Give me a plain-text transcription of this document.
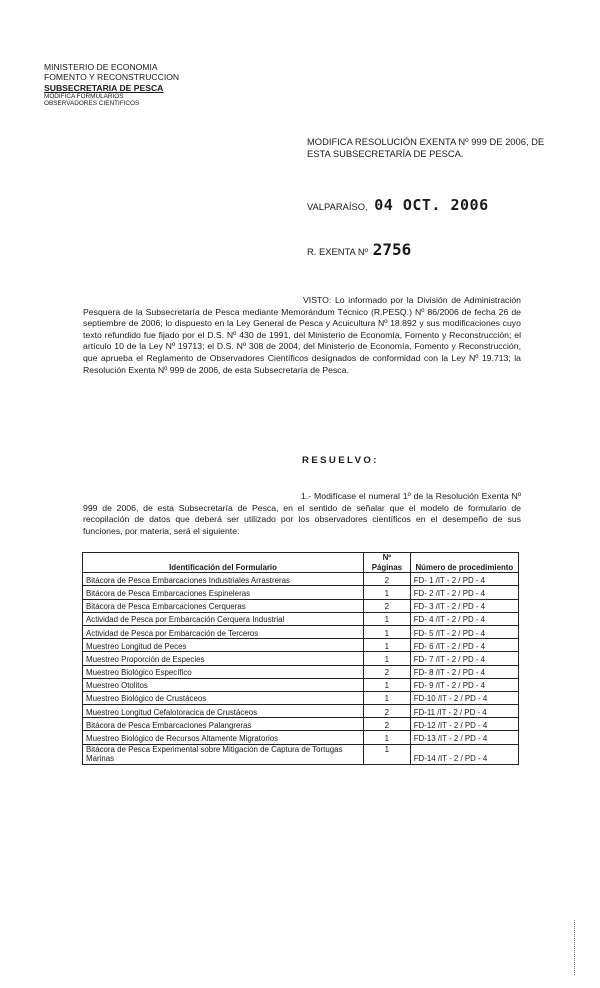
MINISTERIO DE ECONOMIA
FOMENTO Y RECONSTRUCCION
SUBSECRETARIA DE PESCA
MODIFICA FORMULARIOS
OBSERVADORES CIENTIFICOS
MODIFICA RESOLUCIÓN EXENTA Nº 999 DE 2006, DE ESTA SUBSECRETARÍA DE PESCA.
VALPARAÍSO, 04 OCT. 2006
R. EXENTA Nº 2756
VISTO: Lo informado por la División de Administración Pesquera de la Subsecretaría de Pesca mediante Memorándum Técnico (R.PESQ.) Nº 86/2006 de fecha 26 de septiembre de 2006; lo dispuesto en la Ley General de Pesca y Acuicultura Nº 18.892 y sus modificaciones cuyo texto refundido fue fijado por el D.S. Nº 430 de 1991, del Ministerio de Economía, Fomento y Reconstrucción; el artículo 10 de la Ley Nº 19713; el D.S. Nº 308 de 2004, del Ministerio de Economía, Fomento y Reconstrucción, que aprueba el Reglamento de Observadores Científicos designados de conformidad con la Ley Nº 19.713; la Resolución Exenta Nº 999 de 2006, de esta Subsecretaría de Pesca.
RESUELVO:
1.- Modifícase el numeral 1º de la Resolución Exenta Nº 999 de 2006, de esta Subsecretaría de Pesca, en el sentido de señalar que el modelo de formulario de recopilación de datos que deberá ser utilizado por los observadores científicos en el desempeño de sus funciones, por materia, será el siguiente:
Identificación del Formulario	Nº Páginas	Número de procedimiento
Bitácora de Pesca Embarcaciones Industriales Arrastreras	2	FD- 1 /IT - 2 / PD - 4
Bitácora de Pesca Embarcaciones Espineleras	1	FD- 2 /IT - 2 / PD - 4
Bitácora de Pesca Embarcaciones Cerqueras	2	FD- 3 /IT - 2 / PD - 4
Actividad de Pesca por Embarcación Cerquera Industrial	1	FD- 4 /IT - 2 / PD - 4
Actividad de Pesca por Embarcación de Terceros	1	FD- 5 /IT - 2 / PD - 4
Muestreo Longitud de Peces	1	FD- 6 /IT - 2 / PD - 4
Muestreo Proporción de Especies	1	FD- 7 /IT - 2 / PD - 4
Muestreo Biológico Específico	2	FD- 8 /IT - 2 / PD - 4
Muestreo Otolitos	1	FD- 9 /IT - 2 / PD - 4
Muestreo Biológico de Crustáceos	1	FD-10 /IT - 2 / PD - 4
Muestreo Longitud Cefalotoracica de Crustáceos	2	FD-11 /IT - 2 / PD - 4
Bitácora de Pesca Embarcaciones Palangreras	2	FD-12 /IT - 2 / PD - 4
Muestreo Biológico de Recursos Altamente Migratorios	1	FD-13 /IT - 2 / PD - 4
Bitácora de Pesca Experimental sobre Mitigación de Captura de Tortugas Marinas	1	FD-14 /IT - 2 / PD - 4
